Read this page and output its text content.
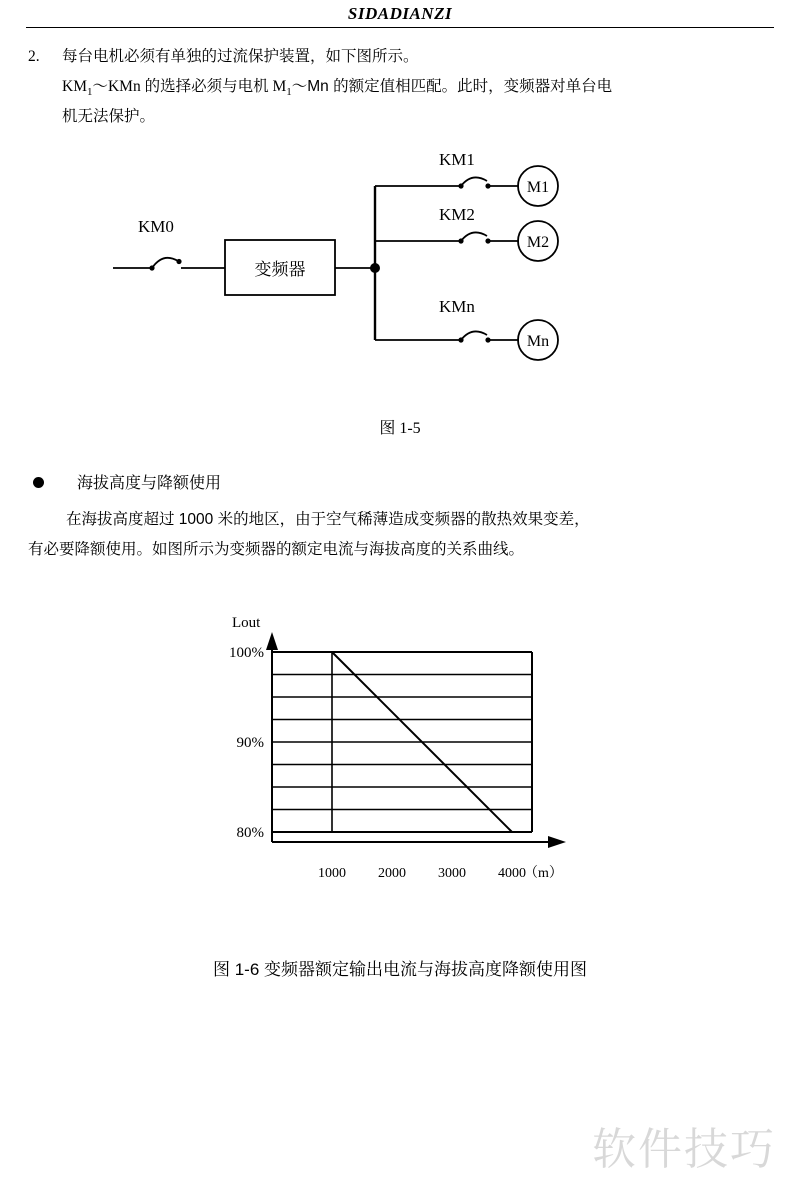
SIDADIANZI
2. 每台电机必须有单独的过流保护装置，如下图所示。
$KM_1\sim KMn$ 的选择必须与电机 $M_1\sim Mn$ 的额定值相匹配。此时，变频器对单台电
机无法保护。
KM0
KM1
KM2
KMn
变频器
M1
M2
Mn
图 1-5
海拔高度与降额使用
在海拔高度超过 1000 米的地区，由于空气稀薄造成变频器的散热效果变差，
有必要降额使用。如图所示为变频器的额定电流与海拔高度的关系曲线。
Lout
100%
90%
80%
1000 2000 3000 4000
（m）
图 1-6 变频器额定输出电流与海拔高度降额使用图
软件技巧
